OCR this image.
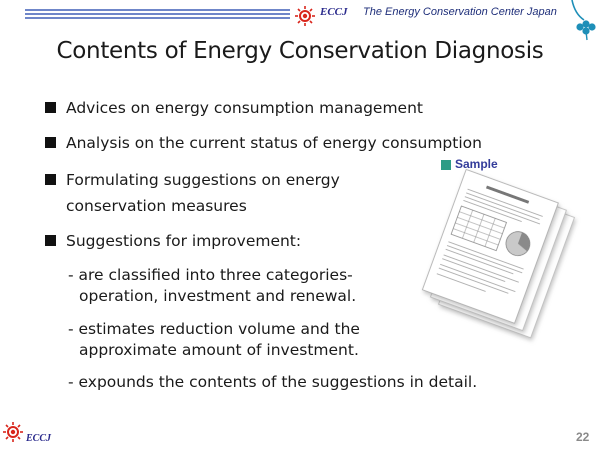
ECCJ The Energy Conservation Center Japan
Contents of Energy Conservation Diagnosis
Advices on energy consumption management
Analysis on the current status of energy consumption
Formulating suggestions on energy
conservation measures
Suggestions for improvement:
- are classified into three categories-
operation, investment and renewal.
- estimates reduction volume and the
approximate amount of investment.
- expounds the contents of the suggestions in detail.
Sample
ECCJ	22
